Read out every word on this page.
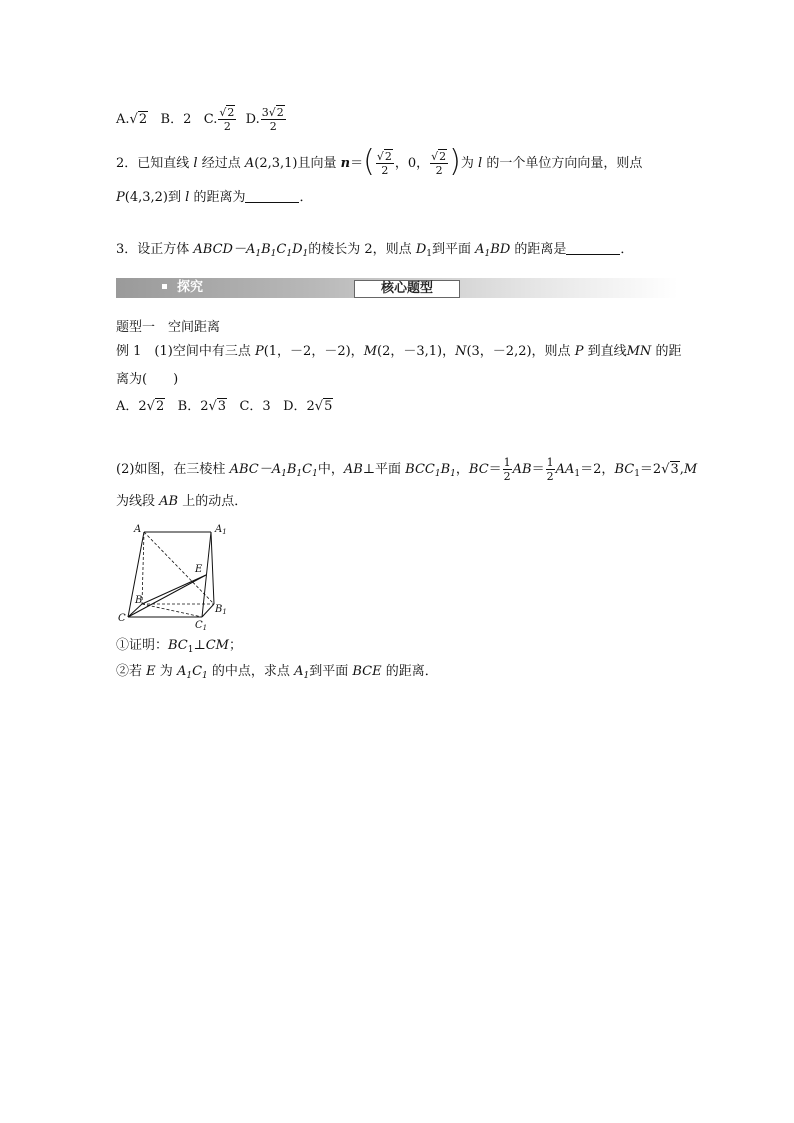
A.√2 B．2 C. $\frac{√2}{2} D$. $\frac{3√2}{2}$
2．已知直线 l 经过点 A(2,3,1)且向量 $n=( \frac{√2}{2}$ ，0， $\frac{√2}{2}$ )为 l 的一个单位方向向量，则点
P(4,3,2)到 l 的距离为	．
3．设正方体 $ABCD-A_1B_1C_1D_1$的棱长为 2，则点 $D_1$到平面 $A_1BD$ 的距离是	．
探究	核心题型
题型一　空间距离
例 1　(1)空间中有三点 P(1，－2，－2)，M(2，－3,1)，N(3，－2,2)，则点 P 到直线MN 的距
离为(　　)
A．2√2 B．2√3 C．3 D．2√5
(2)如图，在三棱柱 $ABC-A_1B_1C_1$中，AB⊥平面 $BCC_1B_1$，$BC= \frac{1}{2} AB= \frac{1}{2} AA_1=2$，$BC_1=2√3,M$
为线段 AB 上的动点．
A	$A_1$
E
B
$B_1$
C
$C_1$
①证明：$BC_1\perp CM$；
②若 E 为 $A_1C_1$ 的中点，求点 $A_1$到平面 BCE 的距离．
